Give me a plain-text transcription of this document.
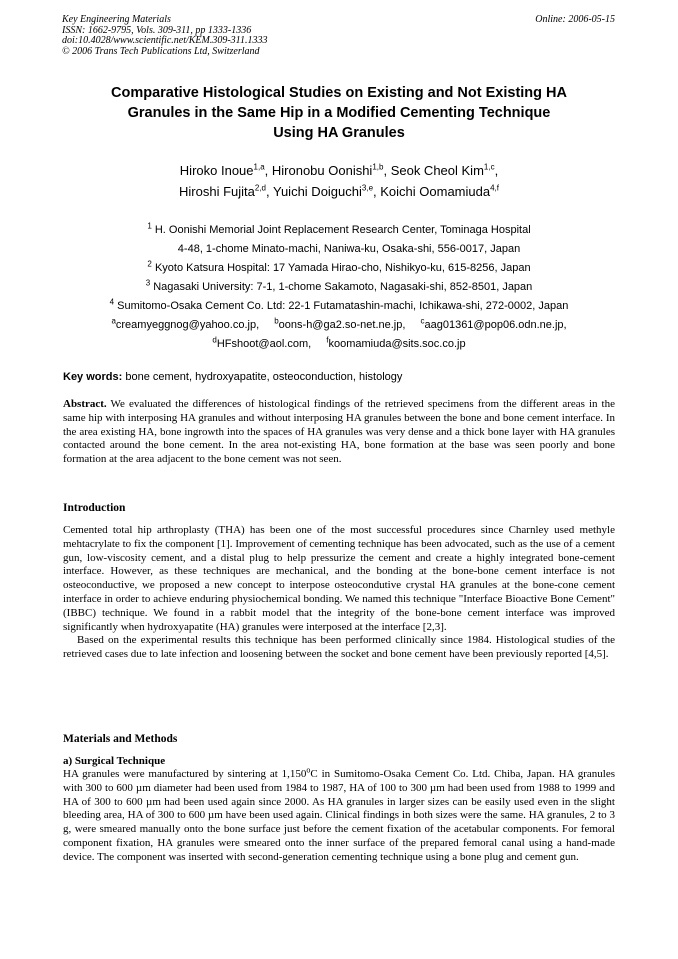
Key Engineering Materials
ISSN: 1662-9795, Vols. 309-311, pp 1333-1336
doi:10.4028/www.scientific.net/KEM.309-311.1333
© 2006 Trans Tech Publications Ltd, Switzerland
Online: 2006-05-15
Comparative Histological Studies on Existing and Not Existing HA
Granules in the Same Hip in a Modified Cementing Technique
Using HA Granules
Hiroko Inoue$^{1,a}$, Hironobu Oonishi$^{1,b}$, Seok Cheol Kim$^{1,c}$,
Hiroshi Fujita$^{2,d}$, Yuichi Doiguchi$^{3,e}$, Koichi Oomamiuda$^{4,f}$
$^1$ H. Oonishi Memorial Joint Replacement Research Center, Tominaga Hospital
4-48, 1-chome Minato-machi, Naniwa-ku, Osaka-shi, 556-0017, Japan
$^2$ Kyoto Katsura Hospital: 17 Yamada Hirao-cho, Nishikyo-ku, 615-8256, Japan
$^3$ Nagasaki University: 7-1, 1-chome Sakamoto, Nagasaki-shi, 852-8501, Japan
$^4$ Sumitomo-Osaka Cement Co. Ltd: 22-1 Futamatashin-machi, Ichikawa-shi, 272-0002, Japan
$^a$creamyeggnog@yahoo.co.jp, $^b$oons-h@ga2.so-net.ne.jp, $^c$aag01361@pop06.odn.ne.jp,
$^d$HFshoot@aol.com, $^f$koomamiuda@sits.soc.co.jp
Key words: bone cement, hydroxyapatite, osteoconduction, histology

Abstract. We evaluated the differences of histological findings of the retrieved specimens from the different areas in the same hip with interposing HA granules and without interposing HA granules between the bone and bone cement interface. In the area existing HA, bone ingrowth into the spaces of HA granules was very dense and a thick bone layer with HA granules contacted around the bone cement. In the area not-existing HA, bone formation at the base was seen poorly and bone formation at the area adjacent to the bone cement was not seen.

Introduction

Cemented total hip arthroplasty (THA) has been one of the most successful procedures since Charnley used methyle mehtacrylate to fix the component [1]. Improvement of cementing technique has been advocated, such as the use of a cement gun, low-viscosity cement, and a distal plug to help pressurize the cement and create a highly integrated bone-cement interface. However, as these techniques are mechanical, and the bonding at the bone-bone cement interface is not osteoconductive, we proposed a new concept to interpose osteocondutive crystal HA granules at the bone-cone cement interface in order to achieve enduring physiochemical bonding. We named this technique "Interface Bioactive Bone Cement" (IBBC) technique. We found in a rabbit model that the integrity of the bone-bone cement interface was improved significantly when hydroxyapatite (HA) granules were interposed at the interface [2,3].

Based on the experimental results this technique has been performed clinically since 1984. Histological studies of the retrieved cases due to late infection and loosening between the socket and bone cement have been previously reported [4,5].

Materials and Methods
a) Surgical Technique

HA granules were manufactured by sintering at 1,150$^o$C in Sumitomo-Osaka Cement Co. Ltd. Chiba, Japan. HA granules with 300 to 600 µm diameter had been used from 1984 to 1987, HA of 100 to 300 µm had been used from 1988 to 1999 and HA of 300 to 600 µm had been used again since 2000. As HA granules in larger sizes can be easily used even in the slight bleeding area, HA of 300 to 600 µm have been used again. Clinical findings in both sizes were the same. HA granules, 2 to 3 g, were smeared manually onto the bone surface just before the cement fixation of the acetabular components. For femoral component fixation, HA granules were smeared onto the inner surface of the prepared femoral canal using a hand-made device. The component was inserted with second-generation cementing technique using a bone plug and cement gun.
